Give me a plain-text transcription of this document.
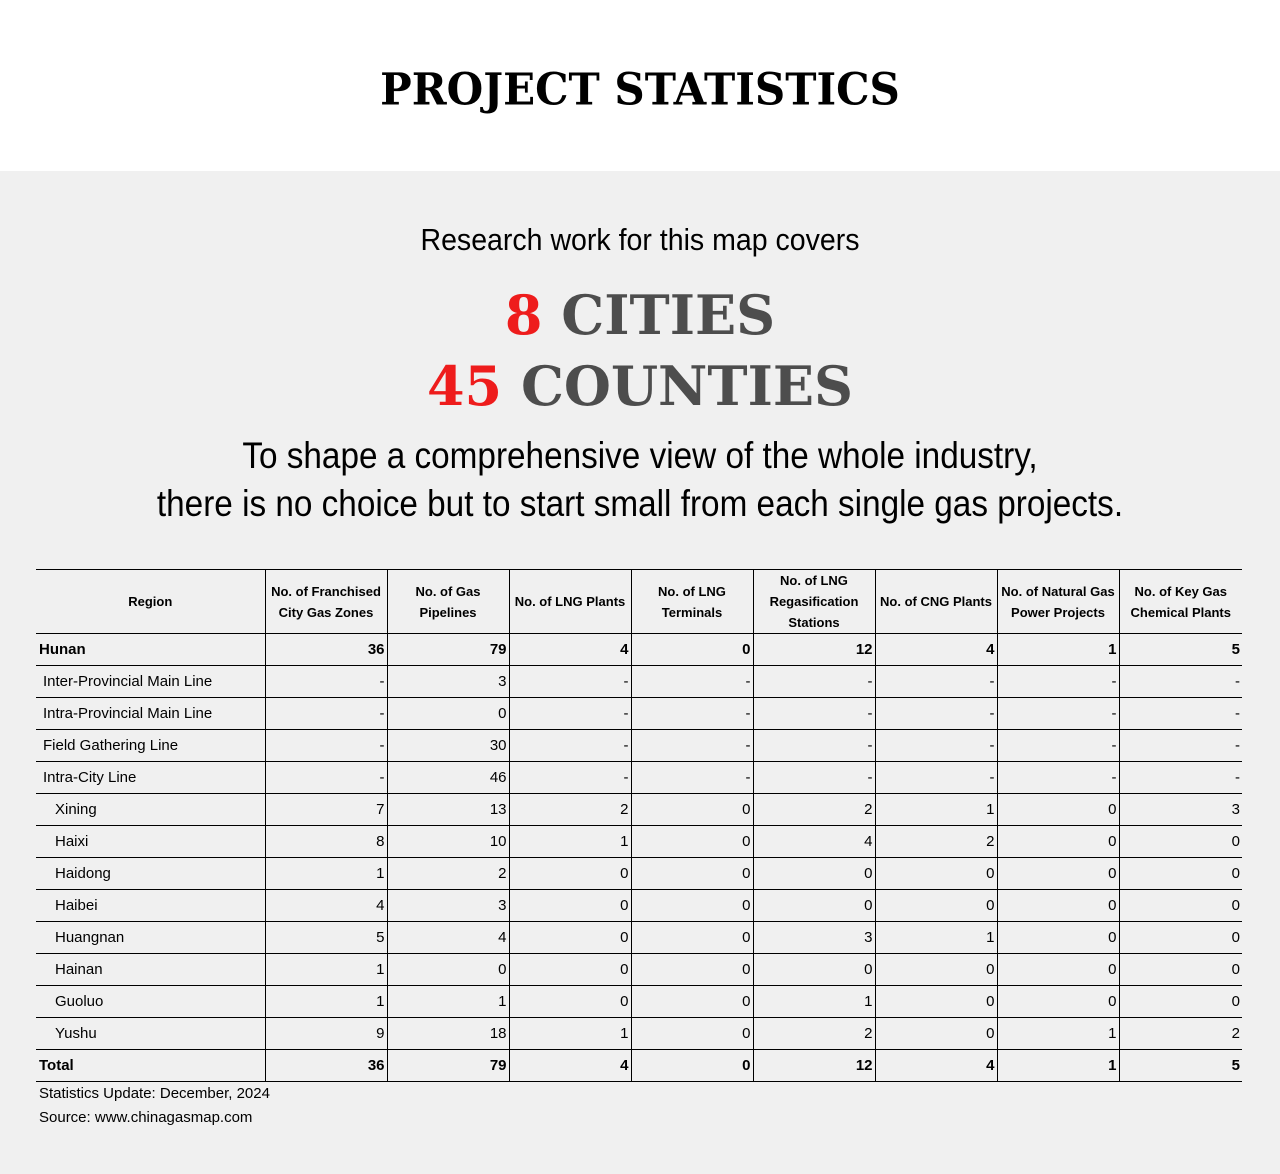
PROJECT STATISTICS
Research work for this map covers
8 CITIES
45 COUNTIES
To shape a comprehensive view of the whole industry,
there is no choice but to start small from each single gas projects.
Region	No. of Franchised City Gas Zones	No. of Gas Pipelines	No. of LNG Plants	No. of LNG Terminals	No. of LNG Regasification Stations	No. of CNG Plants	No. of Natural Gas Power Projects	No. of Key Gas Chemical Plants
Hunan	36	79	4	0	12	4	1	5
Inter-Provincial Main Line	-	3	-	-	-	-	-	-
Intra-Provincial Main Line	-	0	-	-	-	-	-	-
Field Gathering Line	-	30	-	-	-	-	-	-
Intra-City Line	-	46	-	-	-	-	-	-
Xining	7	13	2	0	2	1	0	3
Haixi	8	10	1	0	4	2	0	0
Haidong	1	2	0	0	0	0	0	0
Haibei	4	3	0	0	0	0	0	0
Huangnan	5	4	0	0	3	1	0	0
Hainan	1	0	0	0	0	0	0	0
Guoluo	1	1	0	0	1	0	0	0
Yushu	9	18	1	0	2	0	1	2
Total	36	79	4	0	12	4	1	5
Statistics Update: December, 2024
Source: www.chinagasmap.com
